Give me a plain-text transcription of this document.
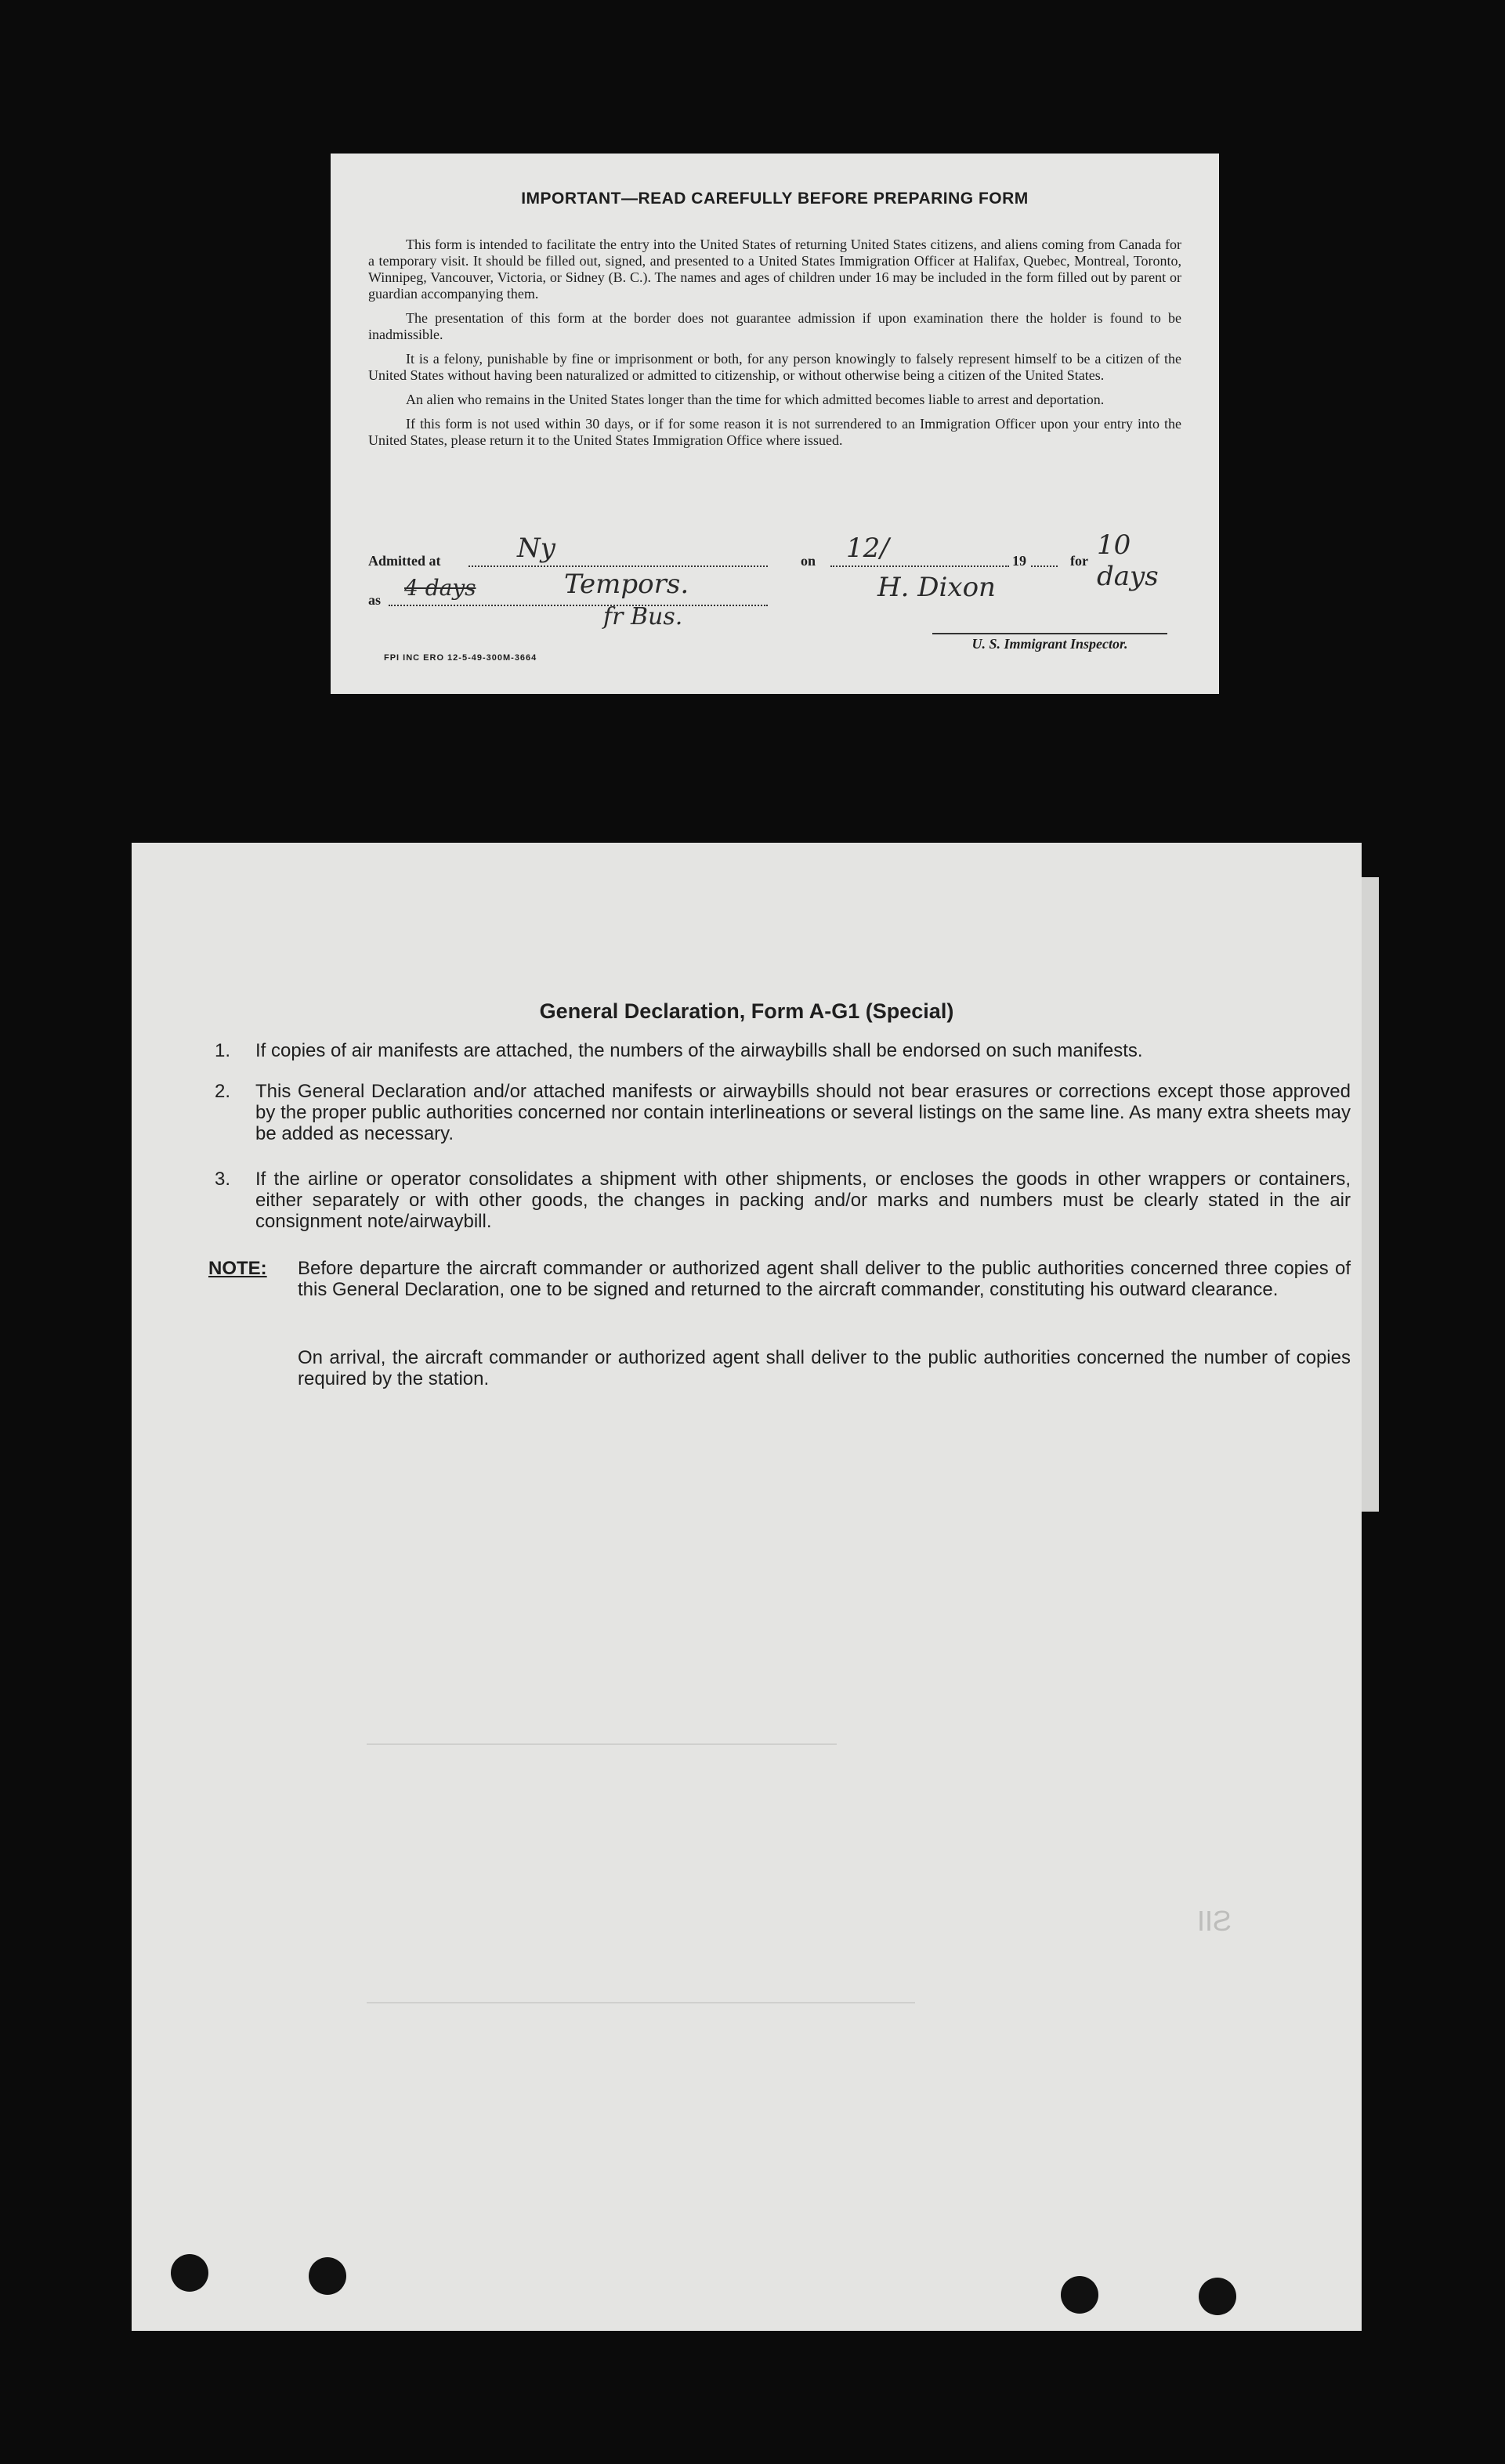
IMPORTANT—READ CAREFULLY BEFORE PREPARING FORM

This form is intended to facilitate the entry into the United States of returning United States citizens, and aliens coming from Canada for a temporary visit. It should be filled out, signed, and presented to a United States Immigration Officer at Halifax, Quebec, Montreal, Toronto, Winnipeg, Vancouver, Victoria, or Sidney (B. C.). The names and ages of children under 16 may be included in the form filled out by parent or guardian accompanying them.

The presentation of this form at the border does not guarantee admission if upon examination there the holder is found to be inadmissible.

It is a felony, punishable by fine or imprisonment or both, for any person knowingly to falsely represent himself to be a citizen of the United States without having been naturalized or admitted to citizenship, or without otherwise being a citizen of the United States.

An alien who remains in the United States longer than the time for which admitted becomes liable to arrest and deportation.

If this form is not used within 30 days, or if for some reason it is not surrendered to an Immigration Officer upon your entry into the United States, please return it to the United States Immigration Office where issued.

Admitted at	Ny	on 12/	19	for 10 days
as 4 days	Tempors.
fr Bus.
H. Dixon
U. S. Immigrant Inspector.
FPI INC ERO 12-5-49-300M-3664
General Declaration, Form A-G1 (Special)
1. If copies of air manifests are attached, the numbers of the airwaybills shall be endorsed on such manifests.
2. This General Declaration and/or attached manifests or airwaybills should not bear erasures or corrections except those approved by the proper public authorities concerned nor contain interlineations or several listings on the same line. As many extra sheets may be added as necessary.
3. If the airline or operator consolidates a shipment with other shipments, or encloses the goods in other wrappers or containers, either separately or with other goods, the changes in packing and/or marks and numbers must be clearly stated in the air consignment note/airwaybill.
NOTE: Before departure the aircraft commander or authorized agent shall deliver to the public authorities concerned three copies of this General Declaration, one to be signed and returned to the aircraft commander, constituting his outward clearance.
On arrival, the aircraft commander or authorized agent shall deliver to the public authorities concerned the number of copies required by the station.
SII
